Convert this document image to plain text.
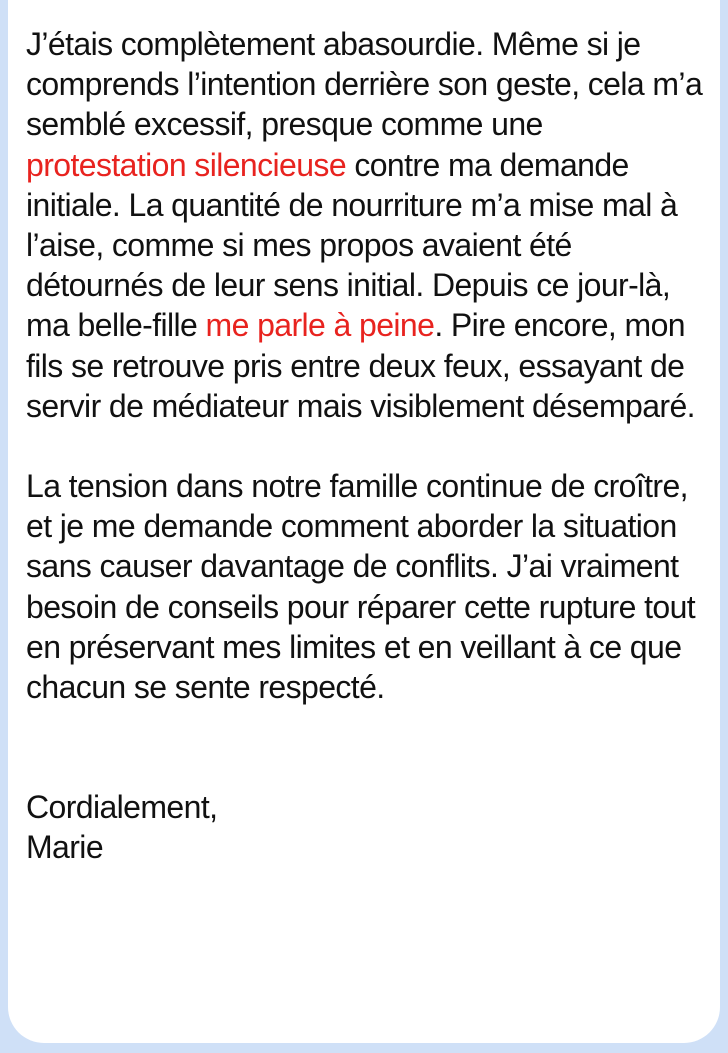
J’étais complètement abasourdie. Même si je comprends l’intention derrière son geste, cela m’a semblé excessif, presque comme une protestation silencieuse contre ma demande initiale. La quantité de nourriture m’a mise mal à l’aise, comme si mes propos avaient été détournés de leur sens initial. Depuis ce jour-là, ma belle-fille me parle à peine. Pire encore, mon fils se retrouve pris entre deux feux, essayant de servir de médiateur mais visiblement désemparé.

La tension dans notre famille continue de croître, et je me demande comment aborder la situation sans causer davantage de conflits. J’ai vraiment besoin de conseils pour réparer cette rupture tout en préservant mes limites et en veillant à ce que chacun se sente respecté.

Cordialement,

Marie
